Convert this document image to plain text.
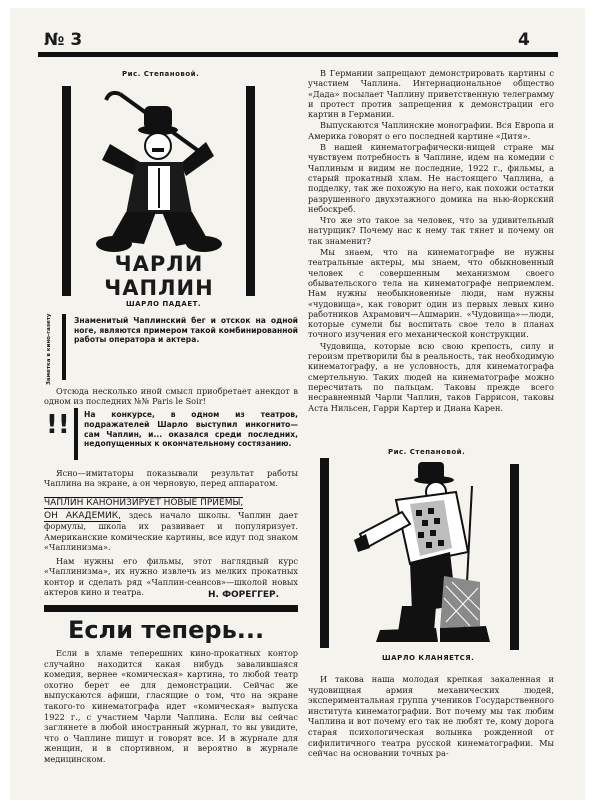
№ 3	4
Рис. Степановой.
ЧАРЛИ ЧАПЛИН
ШАРЛО ПАДАЕТ.
Заметка в кино-газету	Знаменитый Чаплинский бег и отскок на одной ноге, являются примером такой комбинированной работы оператора и актера.

Отсюда несколько иной смысл приобретает анекдот в одном из последних №№ Paris le Soir!

!! На конкурсе, в одном из театров, подражателей Шарло выступил инкогнито—сам Чаплин, и... оказался среди последних, недопущенных к окончательному состязанию.

Ясно—имитаторы показывали результат работы Чаплина на экране, а он черновую, перед аппаратом.

ЧАПЛИН КАНОНИЗИРУЕТ НОВЫЕ ПРИЕМЫ,

ОН АКАДЕМИК, здесь начало школы. Чаплин дает формулы, школа их развивает и популяризует. Американские комические картины, все идут под знаком «Чаплинизма».

Нам нужны его фильмы, этот наглядный курс «Чаплинизма», их нужно извлечь из мелких прокатных контор и сделать ряд «Чаплин-сеансов»—школой новых актеров кино и театра.	Н. ФОРЕГГЕР.
Если теперь...

Если в хламе теперешних кино-прокатных контор случайно находится какая нибудь завалившаяся комедия, вернее «комическая» картина, то любой театр охотно берет ее для демонстрации. Сейчас же выпускаются афиши, гласящие о том, что на экране такого-то кинематографа идет «комическая» выпуска 1922 г., с участием Чарли Чаплина. Если вы сейчас заглянете в любой иностранный журнал, то вы увидите, что о Чаплине пишут и говорят все. И в журнале для женщин, и в спортивном, и вероятно в журнале медицинском.

В Германии запрещают демонстрировать картины с участием Чаплина. Интернациональное общество «Дада» посылает Чаплину приветственную телеграмму и протест против запрещения к демонстрации его картин в Германии.

Выпускаются Чаплинские монографии. Вся Европа и Америка говорят о его последней картине «Дитя».

В нашей кинематографически-нищей стране мы чувствуем потребность в Чаплине, идем на комедии с Чаплиным и видим не последние, 1922 г., фильмы, а старый прокатный хлам. Не настоящего Чаплина, а подделку, так же похожую на него, как похожи остатки разрушенного двухэтажного домика на нью-йоркский небоскреб.

Что же это такое за человек, что за удивительный натурщик? Почему нас к нему так тянет и почему он так знаменит?

Мы знаем, что на кинематографе не нужны театральные актеры, мы знаем, что обыкновенный человек с совершенным механизмом своего обывательского тела на кинематографе неприемлем. Нам нужны необыкновенные люди, нам нужны «чудовища», как говорит один из первых левых кино работников Ахрамович—Ашмарин. «Чудовища»—люди, которые сумели бы воспитать свое тело в планах точного изучения его механической конструкции.

Чудовища, которые всю свою крепость, силу и героизм претворили бы в реальность, так необходимую кинематографу, а не условность, для кинематографа смертельную. Таких людей на кинематографе можно пересчитать по пальцам. Таковы прежде всего несравненный Чарли Чаплин, таков Гаррисон, таковы Аста Нильсен, Гарри Картер и Диана Карен.

Рис. Степановой.
ШАРЛО КЛАНЯЕТСЯ.

И такова наша молодая крепкая закаленная и чудовищная армия механических людей, экспериментальная группа учеников Государственного института кинематографии. Вот почему мы так любим Чаплина и вот почему его так не любят те, кому дорога старая психологическая волынка рожденной от сифилитичного театра русской кинематографии. Мы сейчас на основании точных ра-
